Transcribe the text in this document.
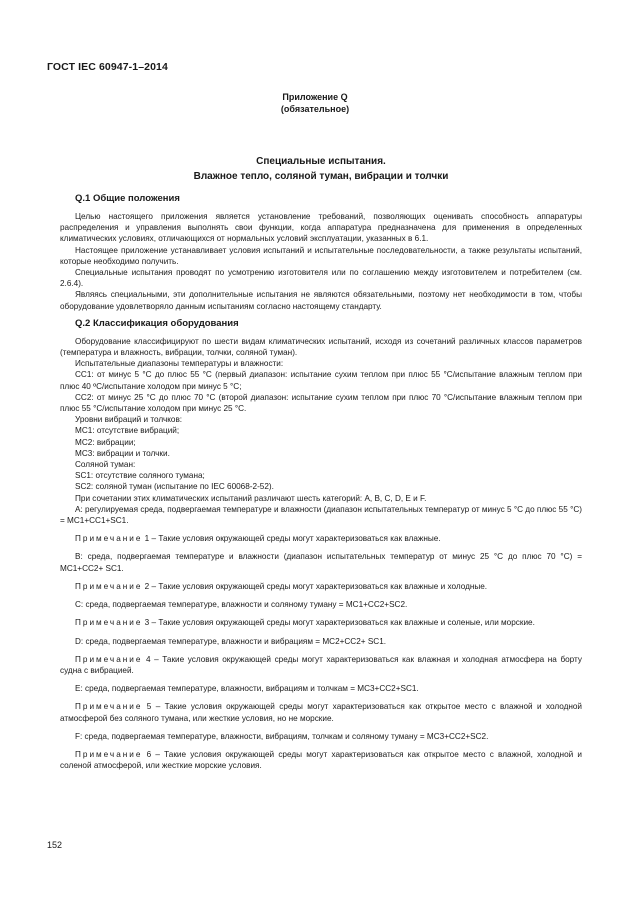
ГОСТ IEC 60947-1–2014
Приложение Q
(обязательное)
Специальные испытания.
Влажное тепло, соляной туман, вибрации и толчки
Q.1 Общие положения

Целью настоящего приложения является установление требований, позволяющих оценивать способность аппаратуры распределения и управления выполнять свои функции, когда аппаратура предназначена для применения в определенных климатических условиях, отличающихся от нормальных условий эксплуатации, указанных в 6.1.

Настоящее приложение устанавливает условия испытаний и испытательные последовательности, а также результаты испытаний, которые необходимо получить.

Специальные испытания проводят по усмотрению изготовителя или по соглашению между изготовителем и потребителем (см. 2.6.4).

Являясь специальными, эти дополнительные испытания не являются обязательными, поэтому нет необходимости в том, чтобы оборудование удовлетворяло данным испытаниям согласно настоящему стандарту.

Q.2 Классификация оборудования

Оборудование классифицируют по шести видам климатических испытаний, исходя из сочетаний различных классов параметров (температура и влажность, вибрации, толчки, соляной туман).

Испытательные диапазоны температуры и влажности:

СС1: от минус 5 °С до плюс 55 °С (первый диапазон: испытание сухим теплом при плюс 55 °С/испытание влажным теплом при плюс 40 ºС/испытание холодом при минус 5 °С;

СС2: от минус 25 °С до плюс 70 °С (второй диапазон: испытание сухим теплом при плюс 70 °С/испытание влажным теплом при плюс 55 °С/испытание холодом при минус 25 °С.

Уровни вибраций и толчков:

МС1: отсутствие вибраций;

МС2: вибрации;

МС3: вибрации и толчки.

Соляной туман:

SC1: отсутствие соляного тумана;

SC2: соляной туман (испытание по IEC 60068-2-52).

При сочетании этих климатических испытаний различают шесть категорий: А, В, С, D, Е и F.

А: регулируемая среда, подвергаемая температуре и влажности (диапазон испытательных температур от минус 5 °С до плюс 55 °С) = МС1+СС1+SC1.

Примечание 1 – Такие условия окружающей среды могут характеризоваться как влажные.

В: среда, подвергаемая температуре и влажности (диапазон испытательных температур от минус 25 °С до плюс 70 °С) = МС1+СС2+ SC1.

Примечание 2 – Такие условия окружающей среды могут характеризоваться как влажные и холодные.

С: среда, подвергаемая температуре, влажности и соляному туману = МС1+СС2+SC2.

Примечание 3 – Такие условия окружающей среды могут характеризоваться как влажные и соленые, или морские.

D: среда, подвергаемая температуре, влажности и вибрациям = МС2+СС2+ SC1.

Примечание 4 – Такие условия окружающей среды могут характеризоваться как влажная и холодная атмосфера на борту судна с вибрацией.

Е: среда, подвергаемая температуре, влажности, вибрациям и толчкам = МС3+СС2+SC1.

Примечание 5 – Такие условия окружающей среды могут характеризоваться как открытое место с влажной и холодной атмосферой без соляного тумана, или жесткие условия, но не морские.

F: среда, подвергаемая температуре, влажности, вибрациям, толчкам и соляному туману = МС3+СС2+SC2.

Примечание 6 – Такие условия окружающей среды могут характеризоваться как открытое место с влажной, холодной и соленой атмосферой, или жесткие морские условия.

152
